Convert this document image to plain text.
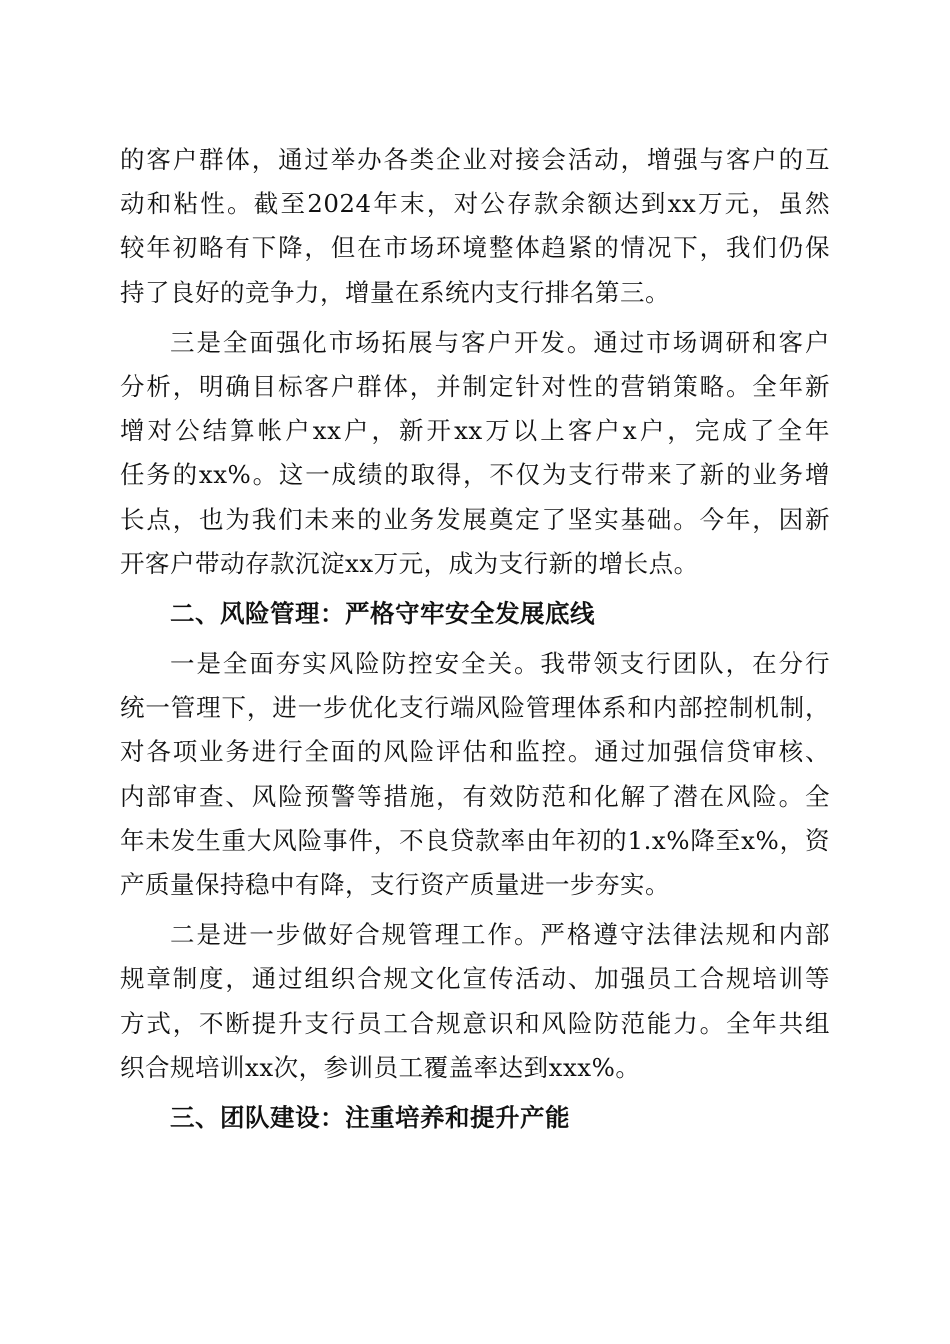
的客户群体，通过举办各类企业对接会活动，增强与客户的互
动和粘性。截至2024年末，对公存款余额达到xx万元，虽然
较年初略有下降，但在市场环境整体趋紧的情况下，我们仍保
持了良好的竞争力，增量在系统内支行排名第三。
三是全面强化市场拓展与客户开发。通过市场调研和客户
分析，明确目标客户群体，并制定针对性的营销策略。全年新
增对公结算帐户xx户，新开xx万以上客户x户，完成了全年
任务的xx%。这一成绩的取得，不仅为支行带来了新的业务增
长点，也为我们未来的业务发展奠定了坚实基础。今年，因新
开客户带动存款沉淀xx万元，成为支行新的增长点。
二、风险管理：严格守牢安全发展底线
一是全面夯实风险防控安全关。我带领支行团队，在分行
统一管理下，进一步优化支行端风险管理体系和内部控制机制，
对各项业务进行全面的风险评估和监控。通过加强信贷审核、
内部审查、风险预警等措施，有效防范和化解了潜在风险。全
年未发生重大风险事件，不良贷款率由年初的1.x%降至x%，资
产质量保持稳中有降，支行资产质量进一步夯实。
二是进一步做好合规管理工作。严格遵守法律法规和内部
规章制度，通过组织合规文化宣传活动、加强员工合规培训等
方式，不断提升支行员工合规意识和风险防范能力。全年共组
织合规培训xx次，参训员工覆盖率达到xxx%。
三、团队建设：注重培养和提升产能
